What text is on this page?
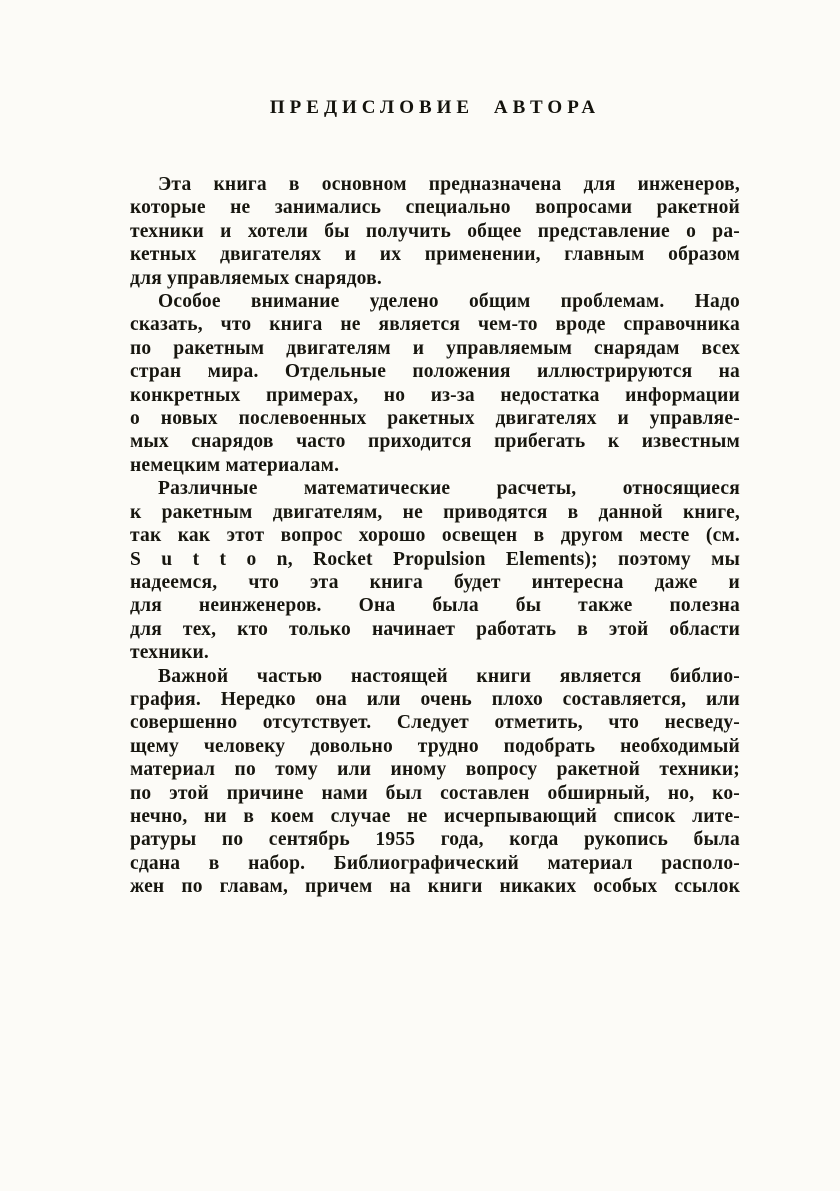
ПРЕДИСЛОВИЕ АВТОРА
Эта книга в основном предназначена для инженеров,
которые не занимались специально вопросами ракетной
техники и хотели бы получить общее представление о ра-
кетных двигателях и их применении, главным образом
для управляемых снарядов.
Особое внимание уделено общим проблемам. Надо
сказать, что книга не является чем-то вроде справочника
по ракетным двигателям и управляемым снарядам всех
стран мира. Отдельные положения иллюстрируются на
конкретных примерах, но из-за недостатка информации
о новых послевоенных ракетных двигателях и управляе-
мых снарядов часто приходится прибегать к известным
немецким материалам.
Различные математические расчеты, относящиеся
к ракетным двигателям, не приводятся в данной книге,
так как этот вопрос хорошо освещен в другом месте (см.
S u t t o n, Rocket Propulsion Elements); поэтому мы
надеемся, что эта книга будет интересна даже и
для неинженеров. Она была бы также полезна
для тех, кто только начинает работать в этой области
техники.
Важной частью настоящей книги является библио-
графия. Нередко она или очень плохо составляется, или
совершенно отсутствует. Следует отметить, что несведу-
щему человеку довольно трудно подобрать необходимый
материал по тому или иному вопросу ракетной техники;
по этой причине нами был составлен обширный, но, ко-
нечно, ни в коем случае не исчерпывающий список лите-
ратуры по сентябрь 1955 года, когда рукопись была
сдана в набор. Библиографический материал располо-
жен по главам, причем на книги никаких особых ссылок
